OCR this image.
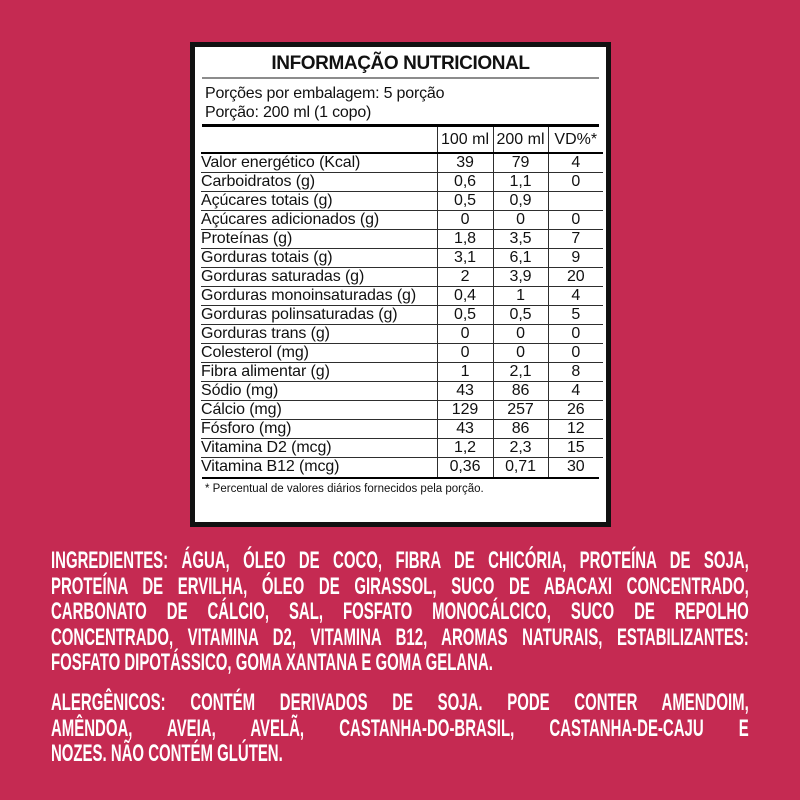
INFORMAÇÃO NUTRICIONAL
Porções por embalagem: 5 porção
Porção: 200 ml (1 copo)
	100 ml	200 ml	VD%*
Valor energético (Kcal)	39	79	4
Carboidratos (g)	0,6	1,1	0
Açúcares totais (g)	0,5	0,9	
Açúcares adicionados (g)	0	0	0
Proteínas (g)	1,8	3,5	7
Gorduras totais (g)	3,1	6,1	9
Gorduras saturadas (g)	2	3,9	20
Gorduras monoinsaturadas (g)	0,4	1	4
Gorduras polinsaturadas (g)	0,5	0,5	5
Gorduras trans (g)	0	0	0
Colesterol (mg)	0	0	0
Fibra alimentar (g)	1	2,1	8
Sódio (mg)	43	86	4
Cálcio (mg)	129	257	26
Fósforo (mg)	43	86	12
Vitamina D2 (mcg)	1,2	2,3	15
Vitamina B12 (mcg)	0,36	0,71	30
* Percentual de valores diários fornecidos pela porção.
INGREDIENTES: ÁGUA, ÓLEO DE COCO, FIBRA DE CHICÓRIA, PROTEÍNA DE SOJA,
PROTEÍNA DE ERVILHA, ÓLEO DE GIRASSOL, SUCO DE ABACAXI CONCENTRADO,
CARBONATO DE CÁLCIO, SAL, FOSFATO MONOCÁLCICO, SUCO DE REPOLHO
CONCENTRADO, VITAMINA D2, VITAMINA B12, AROMAS NATURAIS, ESTABILIZANTES:
FOSFATO DIPOTÁSSICO, GOMA XANTANA E GOMA GELANA.
ALERGÊNICOS: CONTÉM DERIVADOS DE SOJA. PODE CONTER AMENDOIM,
AMÊNDOA, AVEIA, AVELÃ, CASTANHA-DO-BRASIL, CASTANHA-DE-CAJU E
NOZES. NÃO CONTÉM GLÚTEN.
